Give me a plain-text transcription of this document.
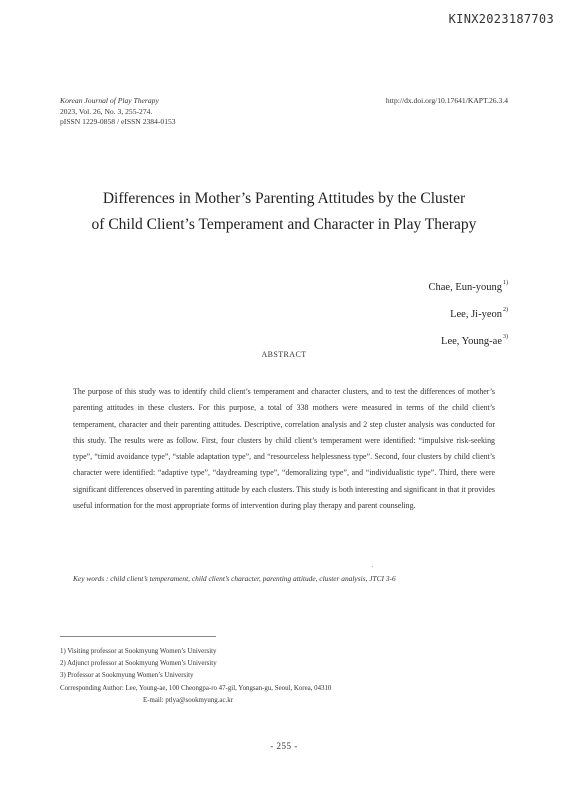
KINX2023187703
Korean Journal of Play Therapy
2023, Vol. 26, No. 3, 255-274.
pISSN 1229-0858 / eISSN 2384-0153
http://dx.doi.org/10.17641/KAPT.26.3.4
Differences in Mother’s Parenting Attitudes by the Cluster
of Child Client’s Temperament and Character in Play Therapy
Chae, Eun-young$^{1)}$
Lee, Ji-yeon$^{2)}$
Lee, Young-$ae^{3)}$
ABSTRACT

The purpose of this study was to identify child client’s temperament and character clusters, and to test the differences of mother’s parenting attitudes in these clusters. For this purpose, a total of 338 mothers were measured in terms of the child client’s temperament, character and their parenting attitudes. Descriptive, correlation analysis and 2 step cluster analysis was conducted for this study. The results were as follow. First, four clusters by child client’s temperament were identified: “impulsive risk-seeking type”, “timid avoidance type”, “stable adaptation type”, and “resourceless helplessness type”. Second, four clusters by child client’s character were identified: “adaptive type”, “daydreaming type”, “demoralizing type”, and “individualistic type”. Third, there were significant differences observed in parenting attitude by each clusters. This study is both interesting and significant in that it provides useful information for the most appropriate forms of intervention during play therapy and parent counseling.

Key words : child client’s temperament, child client’s character, parenting attitude, cluster analysis, JTCI 3-6
1) Visiting professor at Sookmyung Women’s University
2) Adjunct professor at Sookmyung Women’s University
3) Professor at Sookmyung Women’s University
Corresponding Author: Lee, Young-ae, 100 Cheongpa-ro 47-gil, Yongsan-gu, Seoul, Korea, 04310
E-mail: ptlya@sookmyung.ac.kr
- 255 -
